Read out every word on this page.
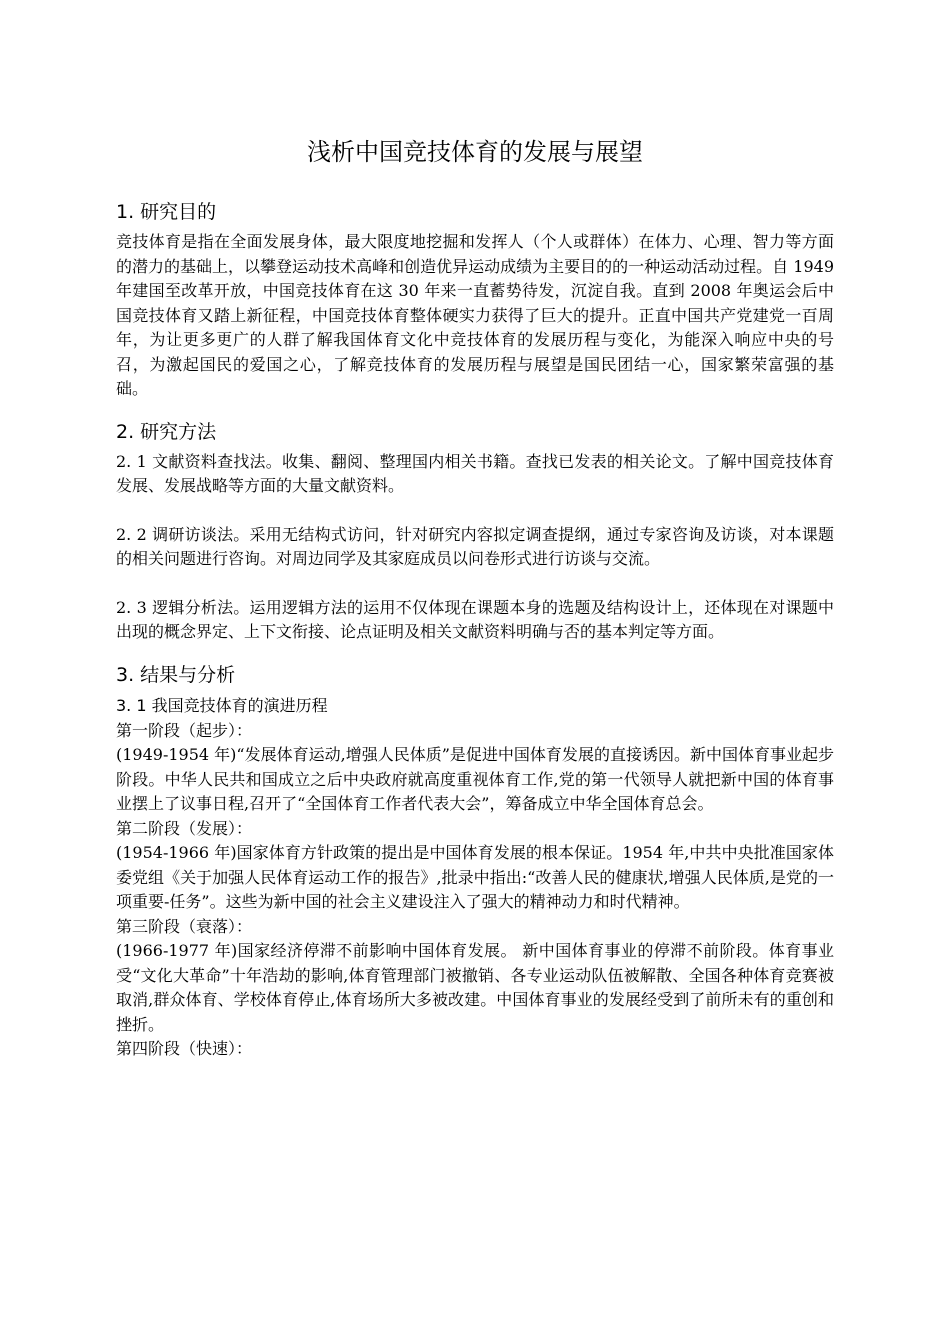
浅析中国竞技体育的发展与展望
1. 研究目的

竞技体育是指在全面发展身体，最大限度地挖掘和发挥人（个人或群体）在体力、心理、智力等方面的潜力的基础上，以攀登运动技术高峰和创造优异运动成绩为主要目的的一种运动活动过程。自 1949 年建国至改革开放，中国竞技体育在这 30 年来一直蓄势待发，沉淀自我。直到 2008 年奥运会后中国竞技体育又踏上新征程，中国竞技体育整体硬实力获得了巨大的提升。正直中国共产党建党一百周年，为让更多更广的人群了解我国体育文化中竞技体育的发展历程与变化，为能深入响应中央的号召，为激起国民的爱国之心，了解竞技体育的发展历程与展望是国民团结一心，国家繁荣富强的基础。

2. 研究方法

2. 1 文献资料查找法。收集、翻阅、整理国内相关书籍。查找已发表的相关论文。了解中国竞技体育发展、发展战略等方面的大量文献资料。

2. 2 调研访谈法。采用无结构式访问，针对研究内容拟定调查提纲，通过专家咨询及访谈，对本课题的相关问题进行咨询。对周边同学及其家庭成员以问卷形式进行访谈与交流。

2. 3 逻辑分析法。运用逻辑方法的运用不仅体现在课题本身的选题及结构设计上，还体现在对课题中出现的概念界定、上下文衔接、论点证明及相关文献资料明确与否的基本判定等方面。

3. 结果与分析
3. 1 我国竞技体育的演进历程

第一阶段（起步）：

(1949-1954 年)“发展体育运动,增强人民体质”是促进中国体育发展的直接诱因。新中国体育事业起步阶段。中华人民共和国成立之后中央政府就高度重视体育工作,党的第一代领导人就把新中国的体育事业摆上了议事日程,召开了“全国体育工作者代表大会”，筹备成立中华全国体育总会。

第二阶段（发展）：

(1954-1966 年)国家体育方针政策的提出是中国体育发展的根本保证。1954 年,中共中央批准国家体委党组《关于加强人民体育运动工作的报告》,批录中指出:“改善人民的健康状,增强人民体质,是党的一项重要-任务”。这些为新中国的社会主义建设注入了强大的精神动力和时代精神。

第三阶段（衰落）：

(1966-1977 年)国家经济停滞不前影响中国体育发展。 新中国体育事业的停滞不前阶段。体育事业受“文化大革命”十年浩劫的影响,体育管理部门被撤销、各专业运动队伍被解散、全国各种体育竞赛被取消,群众体育、学校体育停止,体育场所大多被改建。中国体育事业的发展经受到了前所未有的重创和挫折。

第四阶段（快速）：
